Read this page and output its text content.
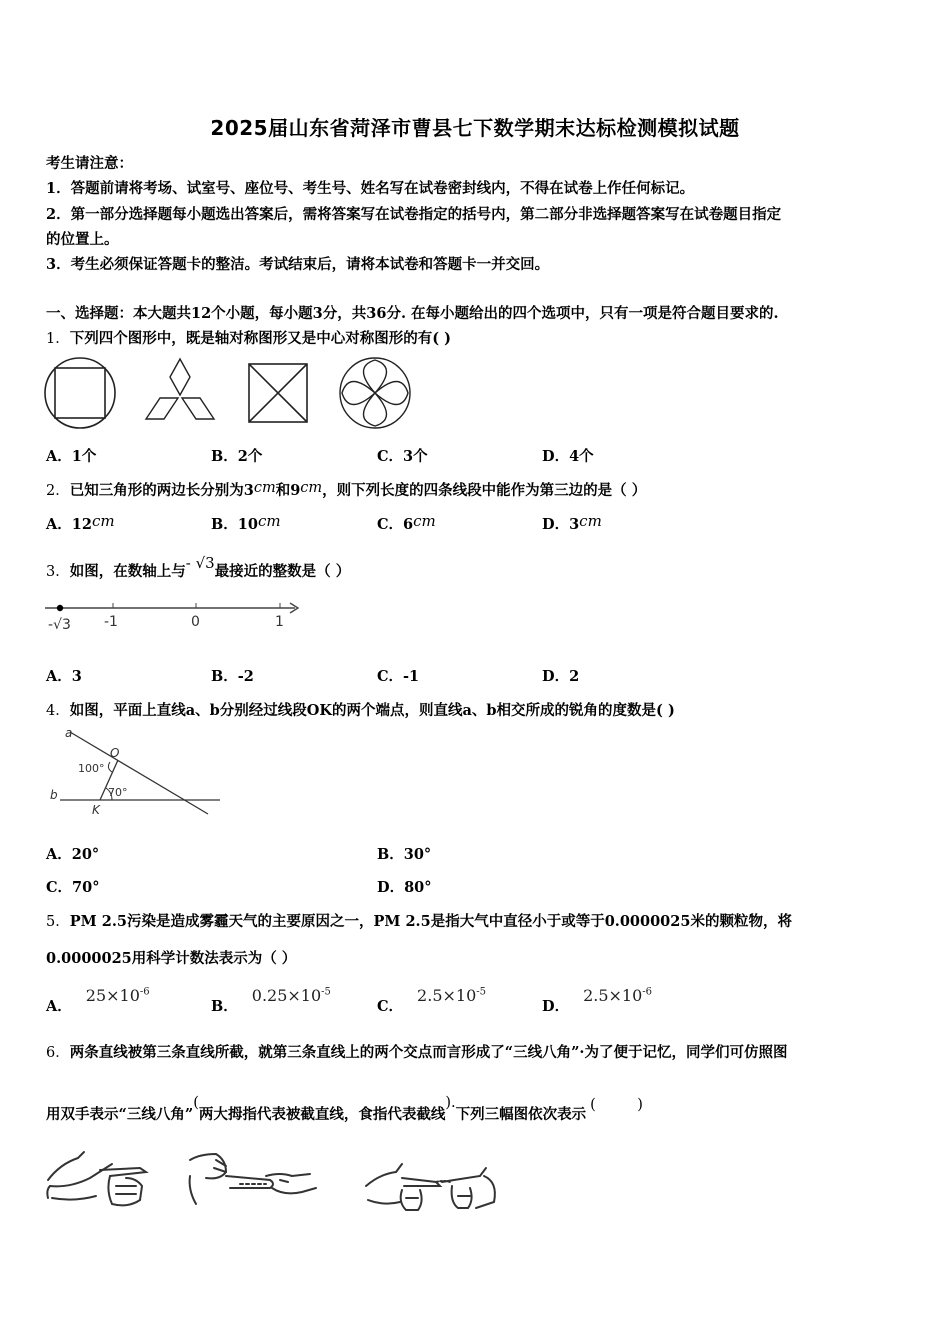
2025届山东省菏泽市曹县七下数学期末达标检测模拟试题
考生请注意：
1．答题前请将考场、试室号、座位号、考生号、姓名写在试卷密封线内，不得在试卷上作任何标记。
2．第一部分选择题每小题选出答案后，需将答案写在试卷指定的括号内，第二部分非选择题答案写在试卷题目指定
的位置上。
3．考生必须保证答题卡的整洁。考试结束后，请将本试卷和答题卡一并交回。
一、选择题：本大题共12个小题，每小题3分，共36分. 在每小题给出的四个选项中，只有一项是符合题目要求的.
1．下列四个图形中，既是轴对称图形又是中心对称图形的有( )
A．1个	B．2个	C．3个	D．4个
2．已知三角形的两边长分别为3cm和9cm，则下列长度的四条线段中能作为第三边的是（ ）
A．12cm	B．10cm	C．6cm	D．3cm
3．如图，在数轴上与- √3最接近的整数是（ ）
-√3 -1	0	1
A．3	B．-2	C．-1	D．2
4．如图，平面上直线a、b分别经过线段OK的两个端点，则直线a、b相交所成的锐角的度数是( )
a
O
100°
70°
b
K
A．20°	B．30°
C．70°	D．80°
5．PM 2.5污染是造成雾霾天气的主要原因之一，PM 2.5是指大气中直径小于或等于0.0000025米的颗粒物，将
0.0000025用科学计数法表示为（ ）
A．$25\times 10^{-6}$
B．$0.25\times 10^{-5}$
C．$2.5\times 10^{-5}$
D．$2.5\times 10^{-6}$
6．两条直线被第三条直线所截，就第三条直线上的两个交点而言形成了“三线八角”·为了便于记忆，同学们可仿照图
用双手表示“三线八角”(两大拇指代表被截直线，食指代表截线).下列三幅图依次表示(         )
